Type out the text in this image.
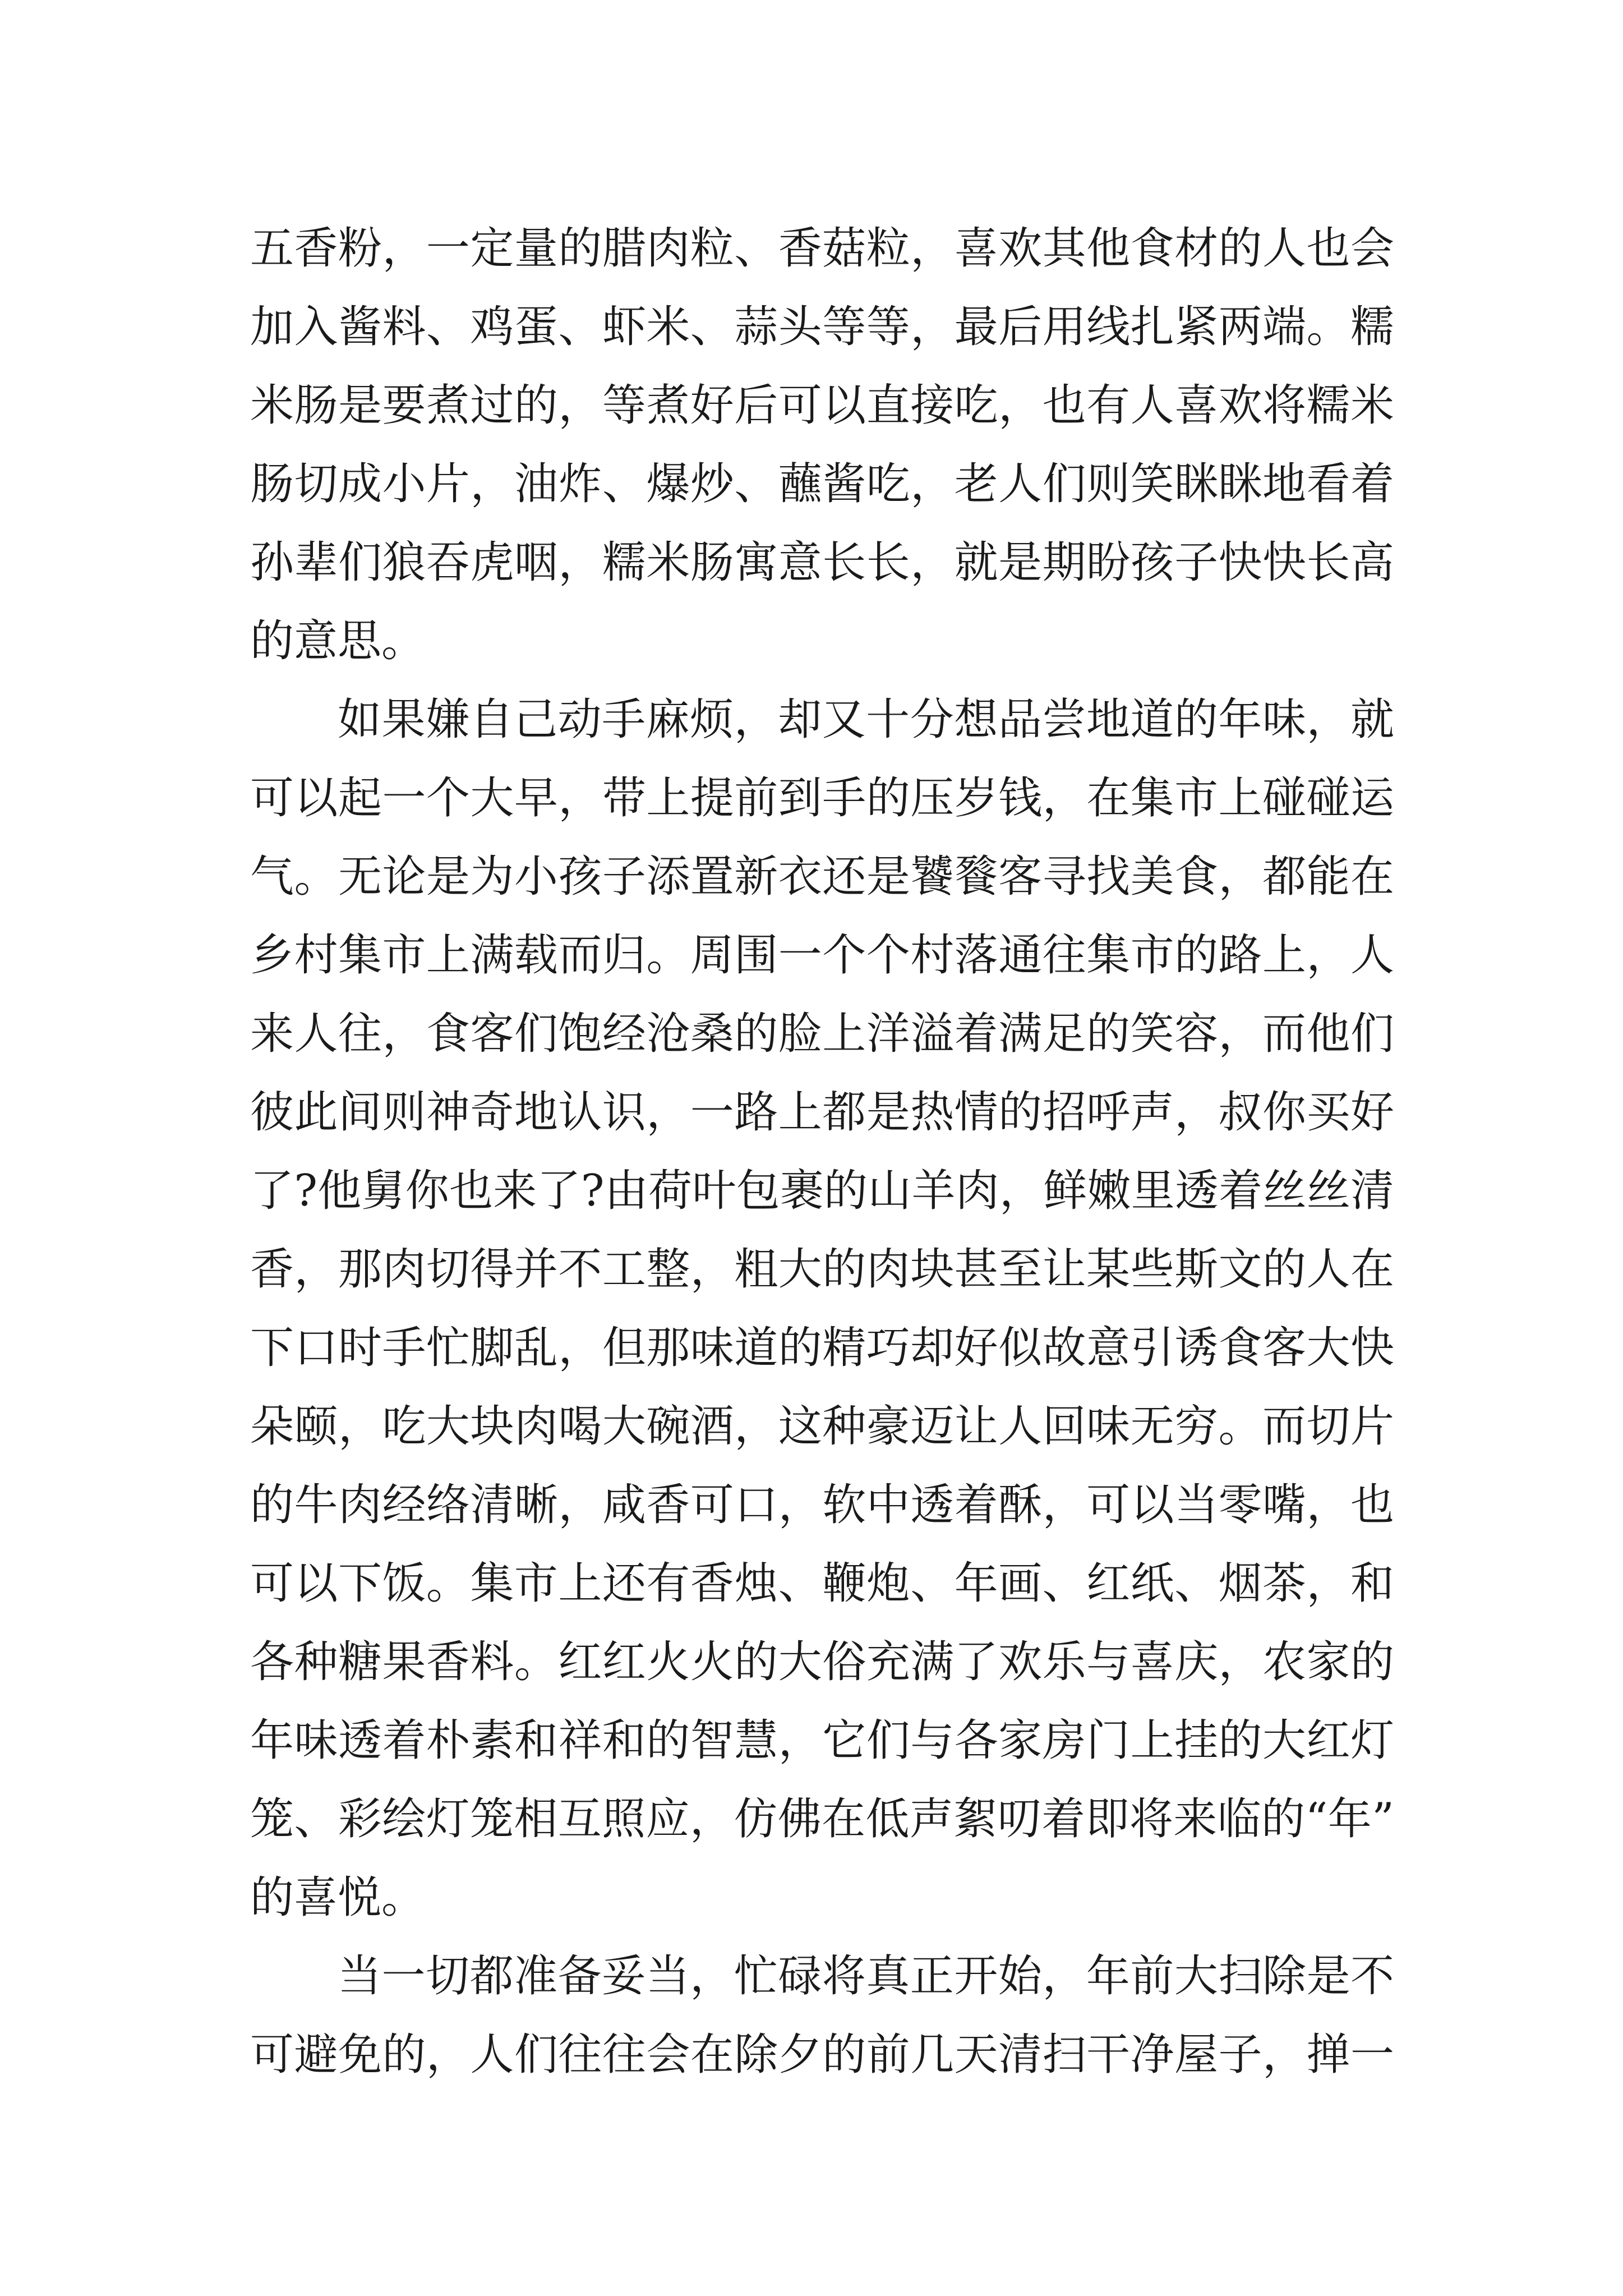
五香粉，一定量的腊肉粒、香菇粒，喜欢其他食材的人也会
加入酱料、鸡蛋、虾米、蒜头等等，最后用线扎紧两端。糯
米肠是要煮过的，等煮好后可以直接吃，也有人喜欢将糯米
肠切成小片，油炸、爆炒、蘸酱吃，老人们则笑眯眯地看着
孙辈们狼吞虎咽，糯米肠寓意长长，就是期盼孩子快快长高
的意思。
如果嫌自己动手麻烦，却又十分想品尝地道的年味，就
可以起一个大早，带上提前到手的压岁钱，在集市上碰碰运
气。无论是为小孩子添置新衣还是饕餮客寻找美食，都能在
乡村集市上满载而归。周围一个个村落通往集市的路上，人
来人往，食客们饱经沧桑的脸上洋溢着满足的笑容，而他们
彼此间则神奇地认识，一路上都是热情的招呼声，叔你买好
了?他舅你也来了?由荷叶包裹的山羊肉，鲜嫩里透着丝丝清
香，那肉切得并不工整，粗大的肉块甚至让某些斯文的人在
下口时手忙脚乱，但那味道的精巧却好似故意引诱食客大快
朵颐，吃大块肉喝大碗酒，这种豪迈让人回味无穷。而切片
的牛肉经络清晰，咸香可口，软中透着酥，可以当零嘴，也
可以下饭。集市上还有香烛、鞭炮、年画、红纸、烟茶，和
各种糖果香料。红红火火的大俗充满了欢乐与喜庆，农家的
年味透着朴素和祥和的智慧，它们与各家房门上挂的大红灯
笼、彩绘灯笼相互照应，仿佛在低声絮叨着即将来临的“年”
的喜悦。
当一切都准备妥当，忙碌将真正开始，年前大扫除是不
可避免的，人们往往会在除夕的前几天清扫干净屋子，掸一
